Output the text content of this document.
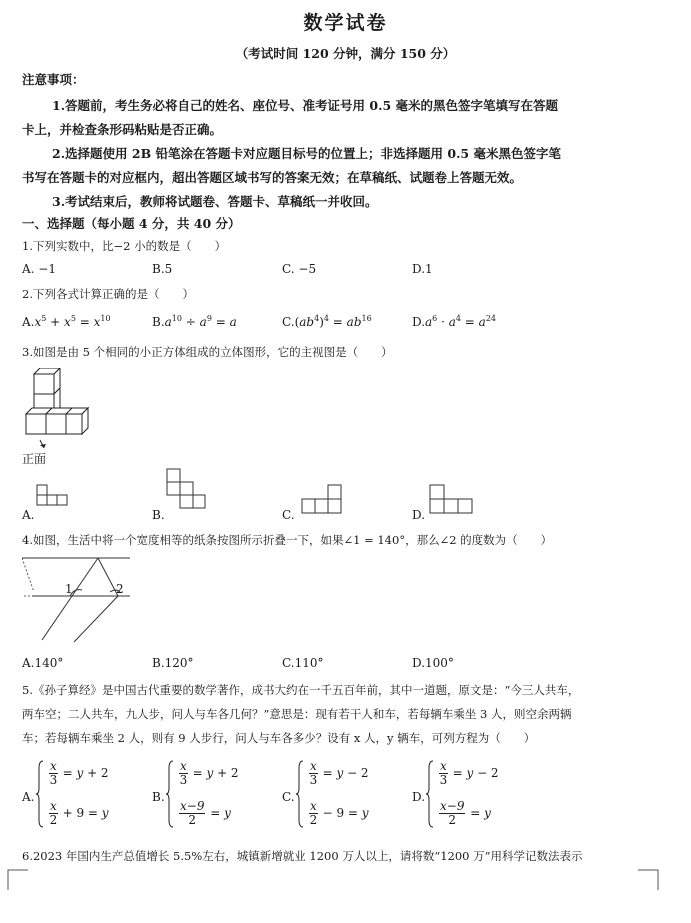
数学试卷
（考试时间 120 分钟，满分 150 分）
注意事项：
1.答题前，考生务必将自己的姓名、座位号、准考证号用 0.5 毫米的黑色签字笔填写在答题
卡上，并检查条形码粘贴是否正确。
2.选择题使用 2B 铅笔涂在答题卡对应题目标号的位置上；非选择题用 0.5 毫米黑色签字笔
书写在答题卡的对应框内，超出答题区域书写的答案无效；在草稿纸、试题卷上答题无效。
3.考试结束后，教师将试题卷、答题卡、草稿纸一并收回。
一、选择题（每小题 4 分，共 40 分）
1.下列实数中，比−2 小的数是（　　）
A. −1	B.5	C. −5	D.1
2.下列各式计算正确的是（　　）
$A.x^5 + x^5 = x^{10}$	$B.a^{10} \div a^9 = a$	$C.(ab^4)^4 = ab^{16}$	$D.a^6 \cdot a^4 = a^{24}$
3.如图是由 5 个相同的小正方体组成的立体图形，它的主视图是（　　）
正面
A.	B.	C.	D.
4.如图，生活中将一个宽度相等的纸条按图所示折叠一下，如果∠1 = 140°，那么∠2 的度数为（　　）
1	2
A.140°	B.120°	C.110°	D.100°
5.《孙子算经》是中国古代重要的数学著作，成书大约在一千五百年前，其中一道题，原文是：“今三人共车，
两车空；二人共车，九人步，问人与车各几何？”意思是：现有若干人和车，若每辆车乘坐 3 人，则空余两辆
车；若每辆车乘坐 2 人，则有 9 人步行，问人与车各多少？设有 x 人，y 辆车，可列方程为（　　）
A.
$\frac{x}{3} = y + 2$
$\frac{x}{2} + 9 = y$
B.
$\frac{x}{3} = y + 2$
$\frac{x-9}{2} = y$
C.
$\frac{x}{3} = y - 2$
$\frac{x}{2} - 9 = y$
D.
$\frac{x}{3} = y - 2$
$\frac{x-9}{2} = y$
6.2023 年国内生产总值增长 5.5%左右，城镇新增就业 1200 万人以上，请将数“1200 万”用科学记数法表示
